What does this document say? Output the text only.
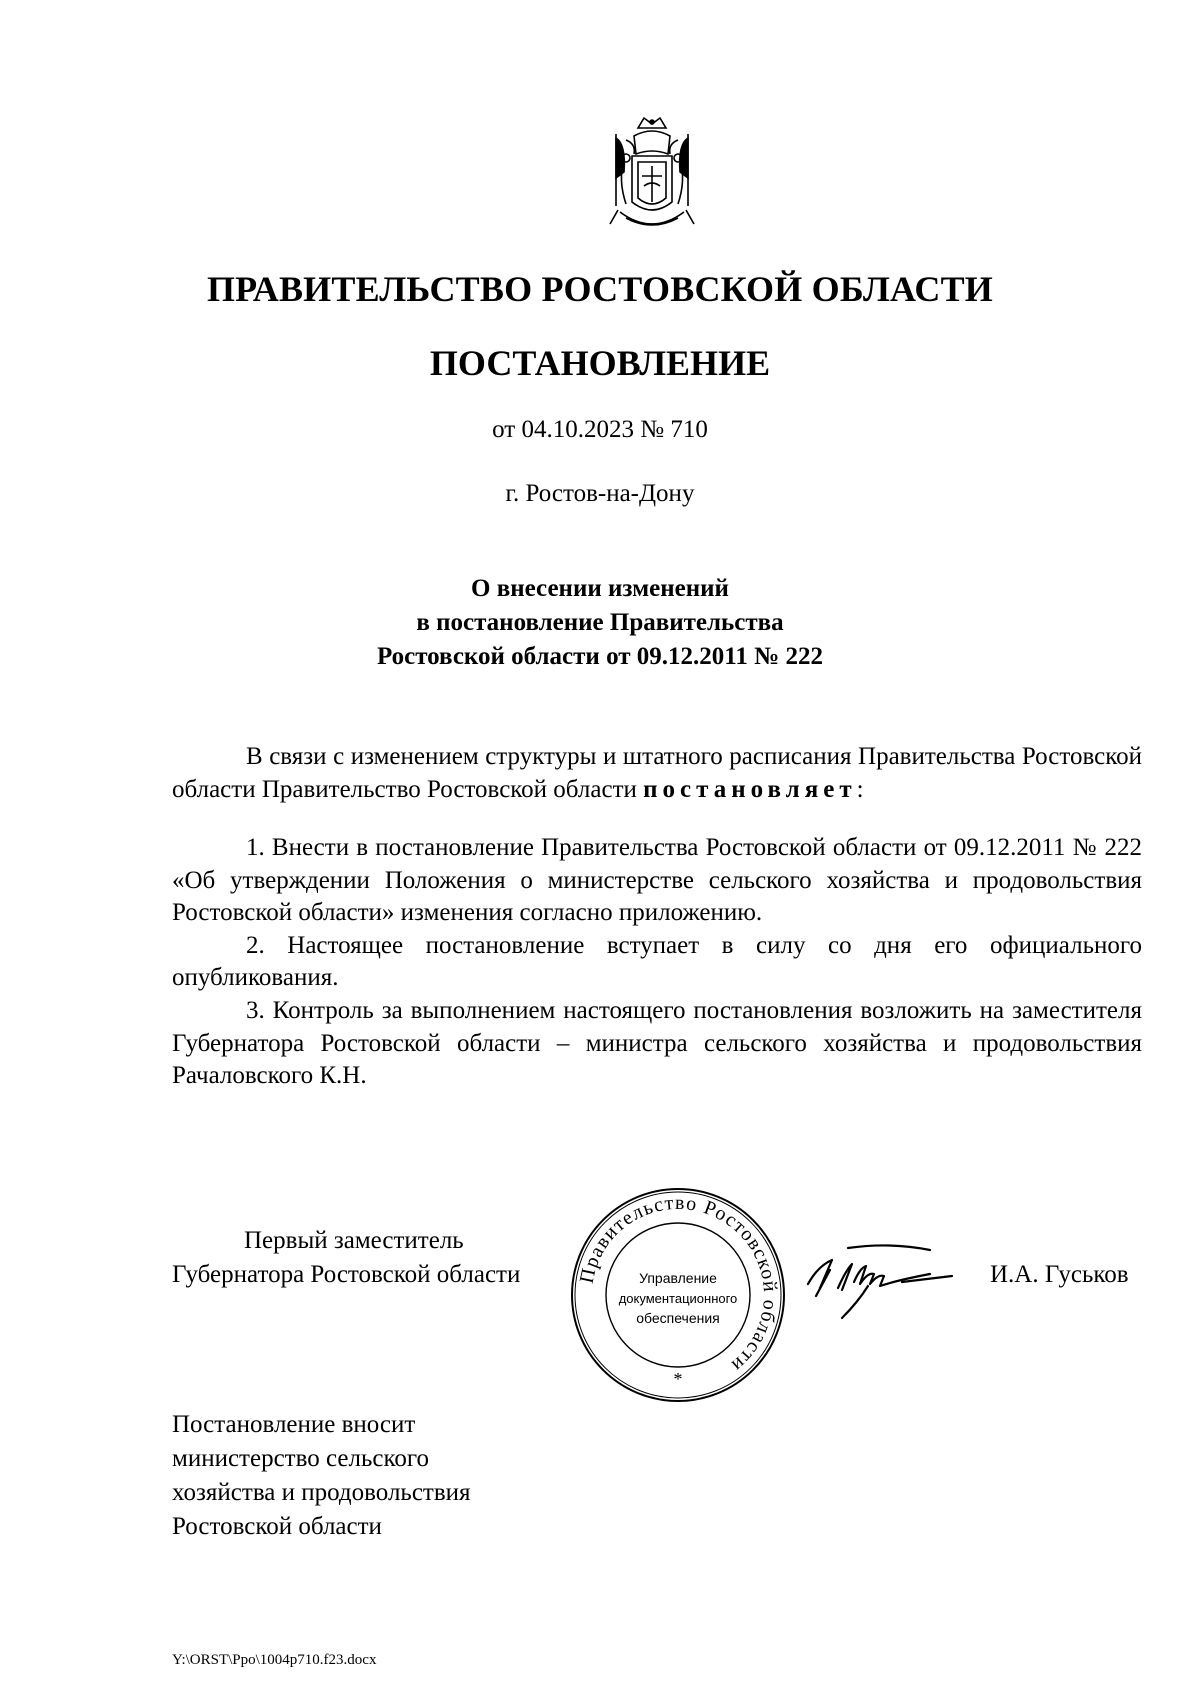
ПРАВИТЕЛЬСТВО РОСТОВСКОЙ ОБЛАСТИ
ПОСТАНОВЛЕНИЕ
от 04.10.2023 № 710
г. Ростов-на-Дону
О внесении изменений
в постановление Правительства
Ростовской области от 09.12.2011 № 222

В связи с изменением структуры и штатного расписания Правительства Ростовской области Правительство Ростовской области постановляет:

1. Внести в постановление Правительства Ростовской области от 09.12.2011 № 222 «Об утверждении Положения о министерстве сельского хозяйства и продовольствия Ростовской области» изменения согласно приложению.

2. Настоящее постановление вступает в силу со дня его официального опубликования.

3. Контроль за выполнением настоящего постановления возложить на заместителя Губернатора Ростовской области – министра сельского хозяйства и продовольствия Рачаловского К.Н.

Первый заместитель
Губернатора Ростовской области	Правительство Ростовской области
Управление
документационного
обеспечения
*
И.А. Гуськов
Постановление вносит
министерство сельского
хозяйства и продовольствия
Ростовской области
Y:\ORST\Ppo\1004p710.f23.docx
